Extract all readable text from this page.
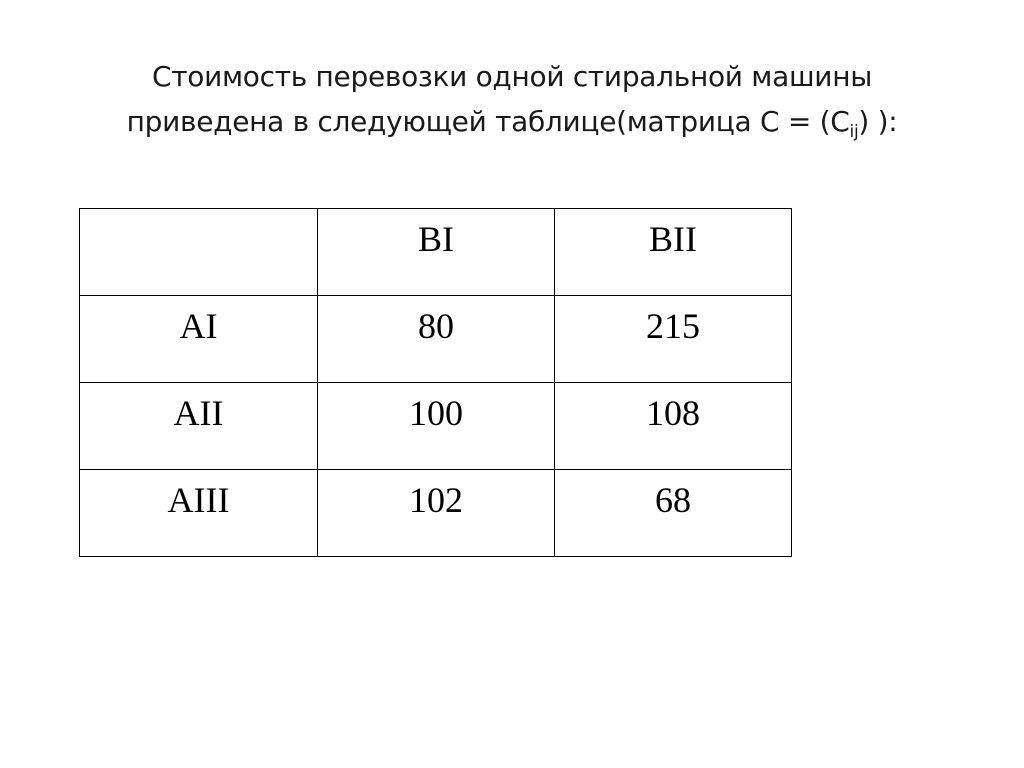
Стоимость перевозки одной стиральной машины
приведена в следующей таблице(матрица $С = (С_{ij})$ ):

	BI	BII

AI	80	215

AII	100	108

AIII	102	68
